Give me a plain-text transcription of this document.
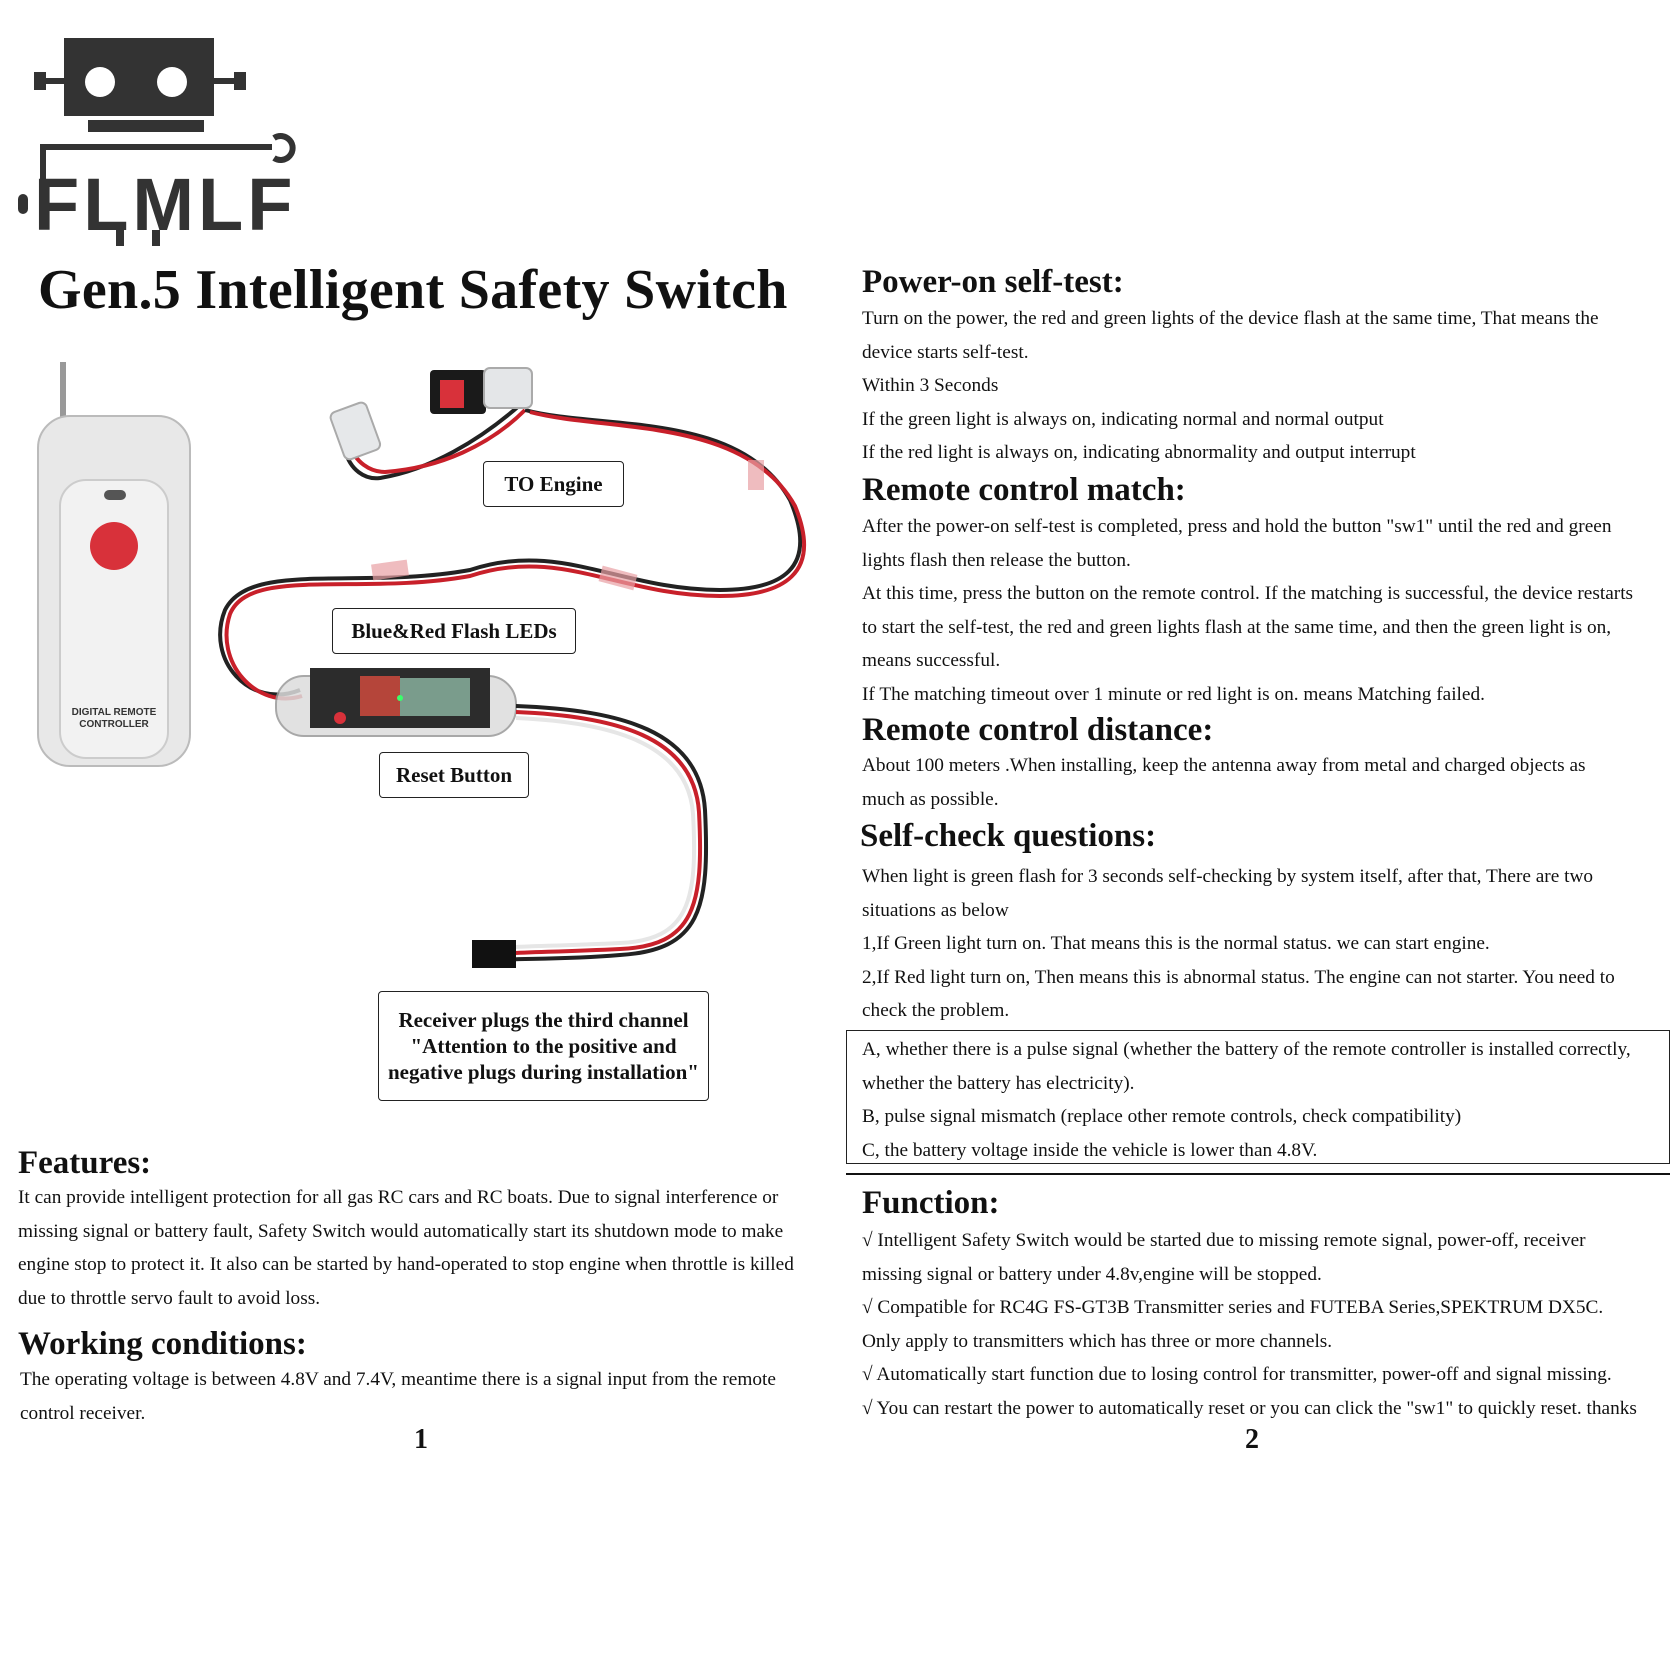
FLMLF
Gen.5 Intelligent Safety Switch
DIGITAL REMOTE
CONTROLLER
TO Engine
Blue&Red Flash LEDs
Reset Button
Receiver plugs the third channel
"Attention to the positive and
negative plugs during installation"
Features:

It can provide intelligent protection for all gas RC cars and RC boats. Due to signal interference or

missing signal or battery fault, Safety Switch would automatically start its shutdown mode to make

engine stop to protect it. It also can be started by hand-operated to stop engine when throttle is killed

due to throttle servo fault to avoid loss.

Working conditions:

The operating voltage is between 4.8V and 7.4V, meantime there is a signal input from the remote

control receiver.

1
Power-on self-test:

Turn on the power, the red and green lights of the device flash at the same time, That means the

device starts self-test.

Within 3 Seconds

If the green light is always on, indicating normal and normal output

If the red light is always on, indicating abnormality and output interrupt

Remote control match:

After the power-on self-test is completed, press and hold the button "sw1" until the red and green

lights flash then release the button.

At this time, press the button on the remote control. If the matching is successful, the device restarts

to start the self-test, the red and green lights flash at the same time, and then the green light is on,

means successful.

If The matching timeout over 1 minute or red light is on. means Matching failed.

Remote control distance:

About 100 meters .When installing, keep the antenna away from metal and charged objects as

much as possible.

Self-check questions:

When light is green flash for 3 seconds self-checking by system itself, after that, There are two

situations as below

1,If Green light turn on. That means this is the normal status. we can start engine.

2,If Red light turn on, Then means this is abnormal status. The engine can not starter. You need to

check the problem.

A, whether there is a pulse signal (whether the battery of the remote controller is installed correctly,

whether the battery has electricity).

B, pulse signal mismatch (replace other remote controls, check compatibility)

C, the battery voltage inside the vehicle is lower than 4.8V.

Function:

√ Intelligent Safety Switch would be started due to missing remote signal, power-off, receiver

missing signal or battery under 4.8v,engine will be stopped.

√ Compatible for RC4G FS-GT3B Transmitter series and FUTEBA Series,SPEKTRUM DX5C.

Only apply to transmitters which has three or more channels.

√ Automatically start function due to losing control for transmitter, power-off and signal missing.

√ You can restart the power to automatically reset or you can click the "sw1" to quickly reset. thanks

2
